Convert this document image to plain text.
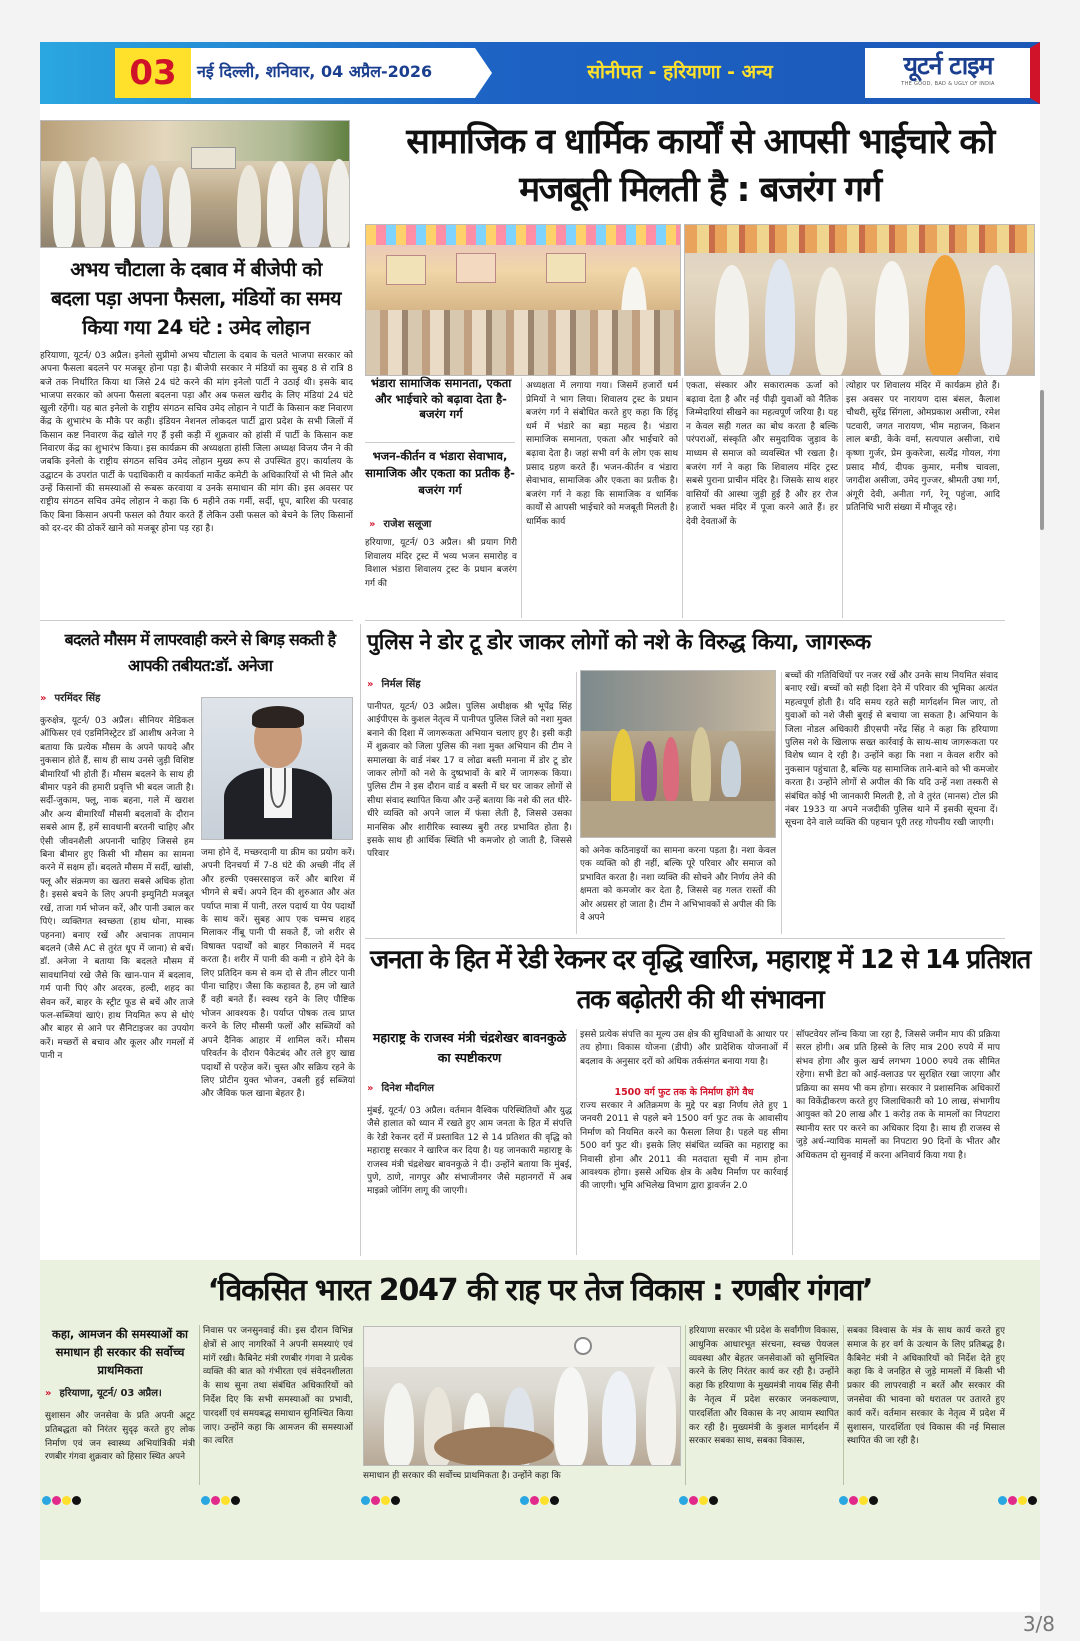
03	नई दिल्ली, शनिवार, 04 अप्रैल-2026	सोनीपत - हरियाणा - अन्य	यूटर्न टाइम
THE GOOD, BAD & UGLY OF INDIA
अभय चौटाला के दबाव में बीजेपी को बदला पड़ा अपना फैसला, मंडियों का समय किया गया 24 घंटे : उमेद लोहान
हरियाणा, यूटर्न/ 03 अप्रैल। इनेलो सुप्रीमो अभय चौटाला के दबाव के चलते भाजपा सरकार को अपना फैसला बदलने पर मजबूर होना पड़ा है। बीजेपी सरकार ने मंडियों का सुबह 8 से रात्रि 8 बजे तक निर्धारित किया था जिसे 24 घंटे करने की मांग इनेलो पार्टी ने उठाई थी। इसके बाद भाजपा सरकार को अपना फैसला बदलना पड़ा और अब फसल खरीद के लिए मंडियां 24 घंटे खुली रहेंगी। यह बात इनेलो के राष्ट्रीय संगठन सचिव उमेद लोहान ने पार्टी के किसान कष्ट निवारण केंद्र के शुभारंभ के मौके पर कही। इंडियन नेशनल लोकदल पार्टी द्वारा प्रदेश के सभी जिलों में किसान कष्ट निवारण केंद्र खोले गए हैं इसी कड़ी में शुक्रवार को हांसी में पार्टी के किसान कष्ट निवारण केंद्र का शुभारंभ किया। इस कार्यक्रम की अध्यक्षता हांसी जिला अध्यक्ष विजय जैन ने की जबकि इनेलो के राष्ट्रीय संगठन सचिव उमेद लोहान मुख्य रूप से उपस्थित हुए। कार्यालय के उद्घाटन के उपरांत पार्टी के पदाधिकारी व कार्यकर्ता मार्केट कमेटी के अधिकारियों से भी मिले और उन्हें किसानों की समस्याओं से रूबरू करवाया व उनके समाधान की मांग की। इस अवसर पर राष्ट्रीय संगठन सचिव उमेद लोहान ने कहा कि 6 महीने तक गर्मी, सर्दी, धूप, बारिश की परवाह किए बिना किसान अपनी फसल को तैयार करते हैं लेकिन उसी फसल को बेचने के लिए किसानों को दर-दर की ठोकरें खाने को मजबूर होना पड़ रहा है।
सामाजिक व धार्मिक कार्यों से आपसी भाईचारे को मजबूती मिलती है : बजरंग गर्ग
भंडारा सामाजिक समानता, एकता और भाईचारे को बढ़ावा देता है- बजरंग गर्ग
भजन-कीर्तन व भंडारा सेवाभाव, सामाजिक और एकता का प्रतीक है- बजरंग गर्ग
» राजेश सलूजा
हरियाणा, यूटर्न/ 03 अप्रैल। श्री प्रयाग गिरी शिवालय मंदिर ट्रस्ट में भव्य भजन समारोह व विशाल भंडारा शिवालय ट्रस्ट के प्रधान बजरंग गर्ग की
अध्यक्षता में लगाया गया। जिसमें हजारों धर्म प्रेमियों ने भाग लिया। शिवालय ट्रस्ट के प्रधान बजरंग गर्ग ने संबोधित करते हुए कहा कि हिंदू धर्म में भंडारे का बड़ा महत्व है। भंडारा सामाजिक समानता, एकता और भाईचारे को बढ़ावा देता है। जहां सभी वर्ग के लोग एक साथ प्रसाद ग्रहण करते हैं। भजन-कीर्तन व भंडारा सेवाभाव, सामाजिक और एकता का प्रतीक है। बजरंग गर्ग ने कहा कि सामाजिक व धार्मिक कार्यों से आपसी भाईचारे को मजबूती मिलती है। धार्मिक कार्य
एकता, संस्कार और सकारात्मक ऊर्जा को बढ़ावा देता है और नई पीढ़ी युवाओं को नैतिक जिम्मेदारियां सीखने का महत्वपूर्ण जरिया है। यह न केवल सही गलत का बोध करता है बल्कि परंपराओं, संस्कृति और समुदायिक जुड़ाव के माध्यम से समाज को व्यवस्थित भी रखता है। बजरंग गर्ग ने कहा कि शिवालय मंदिर ट्रस्ट सबसे पुराना प्राचीन मंदिर है। जिसके साथ शहर वासियों की आस्था जुड़ी हुई है और हर रोज हजारों भक्त मंदिर में पूजा करने आते हैं। हर देवी देवताओं के
त्योहार पर शिवालय मंदिर में कार्यक्रम होते हैं। इस अवसर पर नारायण दास बंसल, कैलाश चौधरी, सुरेंद्र सिंगला, ओमप्रकाश असीजा, रमेश पटवारी, जगत नारायण, भीम महाजन, किशन लाल बग्डी, केके वर्मा, सत्यपाल असीजा, राधे कृष्णा गुर्जर, प्रेम कुकरेजा, सत्येंद्र गोयल, गंगा प्रसाद मौर्य, दीपक कुमार, मनीष चावला, जगदीश असीजा, उमेद गुज्जर, श्रीमती उषा गर्ग, अंगूरी देवी, अनीता गर्ग, रेनू पहुंजा, आदि प्रतिनिधि भारी संख्या में मौजूद रहे।
बदलते मौसम में लापरवाही करने से बिगड़ सकती है आपकी तबीयत:डॉ. अनेजा
» परमिंदर सिंह
कुरुक्षेत्र, यूटर्न/ 03 अप्रैल। सीनियर मेडिकल ऑफिसर एवं एडमिनिस्ट्रेटर डॉ आशीष अनेजा ने बताया कि प्रत्येक मौसम के अपने फायदे और नुकसान होते हैं, साथ ही साथ उनसे जुड़ी विशिष्ट बीमारियाँ भी होती हैं। मौसम बदलने के साथ ही बीमार पड़ने की हमारी प्रवृत्ति भी बदल जाती है। सर्दी-जुकाम, फ्लू, नाक बहना, गले में खराश और अन्य बीमारियाँ मौसमी बदलावों के दौरान सबसे आम हैं, हमें सावधानी बरतनी चाहिए और ऐसी जीवनशैली अपनानी चाहिए जिससे हम बिना बीमार हुए किसी भी मौसम का सामना करने में सक्षम हों। बदलते मौसम में सर्दी, खांसी, फ्लू और संक्रमण का खतरा सबसे अधिक होता है। इससे बचने के लिए अपनी इम्युनिटी मजबूत रखें, ताजा गर्म भोजन करें, और पानी उबाल कर पिएं। व्यक्तिगत स्वच्छता (हाथ धोना, मास्क पहनना) बनाए रखें और अचानक तापमान बदलने (जैसे AC से तुरंत धूप में जाना) से बचें। डॉ. अनेजा ने बताया कि बदलते मौसम में सावधानियां रखे जैसे कि खान-पान में बदलाव, गर्म पानी पिएं और अदरक, हल्दी, शहद का सेवन करें, बाहर के स्ट्रीट फूड से बचें और ताजे फल-सब्जियां खाएं। हाथ नियमित रूप से धोएं और बाहर से आने पर सैनिटाइजर का उपयोग करें। मच्छरों से बचाव और कूलर और गमलों में पानी न
जमा होने दें, मच्छरदानी या क्रीम का प्रयोग करें। अपनी दिनचर्या में 7-8 घंटे की अच्छी नींद लें और हल्की एक्सरसाइज करें और बारिश में भीगने से बचें। अपने दिन की शुरुआत और अंत पर्याप्त मात्रा में पानी, तरल पदार्थ या पेय पदार्थों के साथ करें। सुबह आप एक चम्मच शहद मिलाकर नींबू पानी पी सकते हैं, जो शरीर से विषाक्त पदार्थों को बाहर निकालने में मदद करता है। शरीर में पानी की कमी न होने देने के लिए प्रतिदिन कम से कम दो से तीन लीटर पानी पीना चाहिए। जैसा कि कहावत है, हम जो खाते हैं वही बनते हैं। स्वस्थ रहने के लिए पौष्टिक भोजन आवश्यक है। पर्याप्त पोषक तत्व प्राप्त करने के लिए मौसमी फलों और सब्जियों को अपने दैनिक आहार में शामिल करें। मौसम परिवर्तन के दौरान पैकेटबंद और तले हुए खाद्य पदार्थों से परहेज करें। चुस्त और सक्रिय रहने के लिए प्रोटीन युक्त भोजन, उबली हुई सब्जियां और जैविक फल खाना बेहतर है।
पुलिस ने डोर टू डोर जाकर लोगों को नशे के विरुद्ध किया, जागरूक
» निर्मल सिंह
पानीपत, यूटर्न/ 03 अप्रैल। पुलिस अधीक्षक श्री भूपेंद्र सिंह आईपीएस के कुशल नेतृत्व में पानीपत पुलिस जिले को नशा मुक्त बनाने की दिशा में जागरूकता अभियान चलाए हुए है। इसी कड़ी में शुक्रवार को जिला पुलिस की नशा मुक्त अभियान की टीम ने समालखा के वार्ड नंबर 17 व लोढा बस्ती मनाना में डोर टू डोर जाकर लोगों को नशे के दुष्प्रभावों के बारे में जागरूक किया। पुलिस टीम ने इस दौरान वार्ड व बस्ती में घर घर जाकर लोगों से सीधा संवाद स्थापित किया और उन्हें बताया कि नशे की लत धीरे-धीरे व्यक्ति को अपने जाल में फंसा लेती है, जिससे उसका मानसिक और शारीरिक स्वास्थ्य बुरी तरह प्रभावित होता है। इसके साथ ही आर्थिक स्थिति भी कमजोर हो जाती है, जिससे परिवार	को अनेक कठिनाइयों का सामना करना पड़ता है। नशा केवल एक व्यक्ति को ही नहीं, बल्कि पूरे परिवार और समाज को प्रभावित करता है। नशा व्यक्ति की सोचने और निर्णय लेने की क्षमता को कमजोर कर देता है, जिससे वह गलत रास्तों की ओर अग्रसर हो जाता है। टीम ने अभिभावकों से अपील की कि वे अपने
बच्चों की गतिविधियों पर नजर रखें और उनके साथ नियमित संवाद बनाए रखें। बच्चों को सही दिशा देने में परिवार की भूमिका अत्यंत महत्वपूर्ण होती है। यदि समय रहते सही मार्गदर्शन मिल जाए, तो युवाओं को नशे जैसी बुराई से बचाया जा सकता है। अभियान के जिला नोडल अधिकारी डीएसपी नरेंद्र सिंह ने कहा कि हरियाणा पुलिस नशे के खिलाफ सख्त कार्रवाई के साथ-साथ जागरूकता पर विशेष ध्यान दे रही है। उन्होंने कहा कि नशा न केवल शरीर को नुकसान पहुंचाता है, बल्कि यह सामाजिक ताने-बाने को भी कमजोर करता है। उन्होंने लोगों से अपील की कि यदि उन्हें नशा तस्करी से संबंधित कोई भी जानकारी मिलती है, तो वे तुरंत (मानस) टोल फ्री नंबर 1933 या अपने नजदीकी पुलिस थाने में इसकी सूचना दें। सूचना देने वाले व्यक्ति की पहचान पूरी तरह गोपनीय रखी जाएगी।
जनता के हित में रेडी रेकनर दर वृद्धि खारिज, महाराष्ट्र में 12 से 14 प्रतिशत तक बढ़ोतरी की थी संभावना
महाराष्ट्र के राजस्व मंत्री चंद्रशेखर बावनकुळे का स्पष्टीकरण
» दिनेश मौदगिल
मुंबई, यूटर्न/ 03 अप्रैल। वर्तमान वैश्विक परिस्थितियों और युद्ध जैसे हालात को ध्यान में रखते हुए आम जनता के हित में संपत्ति के रेडी रेकनर दरों में प्रस्तावित 12 से 14 प्रतिशत की वृद्धि को महाराष्ट्र सरकार ने खारिज कर दिया है। यह जानकारी महाराष्ट्र के राजस्व मंत्री चंद्रशेखर बावनकुळे ने दी। उन्होंने बताया कि मुंबई, पुणे, ठाणे, नागपुर और संभाजीनगर जैसे महानगरों में अब माइक्रो जोनिंग लागू की जाएगी।
इससे प्रत्येक संपत्ति का मूल्य उस क्षेत्र की सुविधाओं के आधार पर तय होगा। विकास योजना (डीपी) और प्रादेशिक योजनाओं में बदलाव के अनुसार दरों को अधिक तर्कसंगत बनाया गया है।
1500 वर्ग फुट तक के निर्माण होंगे वैध
राज्य सरकार ने अतिक्रमण के मुद्दे पर बड़ा निर्णय लेते हुए 1 जनवरी 2011 से पहले बने 1500 वर्ग फुट तक के आवासीय निर्माण को नियमित करने का फैसला लिया है। पहले यह सीमा 500 वर्ग फुट थी। इसके लिए संबंधित व्यक्ति का महाराष्ट्र का निवासी होना और 2011 की मतदाता सूची में नाम होना आवश्यक होगा। इससे अधिक क्षेत्र के अवैध निर्माण पर कार्रवाई की जाएगी। भूमि अभिलेख विभाग द्वारा ड्रावर्जन 2.0
सॉफ्टवेयर लॉन्च किया जा रहा है, जिससे जमीन माप की प्रक्रिया सरल होगी। अब प्रति हिस्से के लिए मात्र 200 रुपये में माप संभव होगा और कुल खर्च लगभग 1000 रुपये तक सीमित रहेगा। सभी डेटा को आई-क्लाउड पर सुरक्षित रखा जाएगा और प्रक्रिया का समय भी कम होगा। सरकार ने प्रशासनिक अधिकारों का विकेंद्रीकरण करते हुए जिलाधिकारी को 10 लाख, संभागीय आयुक्त को 20 लाख और 1 करोड़ तक के मामलों का निपटारा स्थानीय स्तर पर करने का अधिकार दिया है। साथ ही राजस्व से जुड़े अर्ध-न्यायिक मामलों का निपटारा 90 दिनों के भीतर और अधिकतम दो सुनवाई में करना अनिवार्य किया गया है।
‘विकसित भारत 2047 की राह पर तेज विकास : रणबीर गंगवा’
कहा, आमजन की समस्याओं का समाधान ही सरकार की सर्वोच्च प्राथमिकता
» हरियाणा, यूटर्न/ 03 अप्रैल।
सुशासन और जनसेवा के प्रति अपनी अटूट प्रतिबद्धता को निरंतर सुदृढ़ करते हुए लोक निर्माण एवं जन स्वास्थ्य अभियांत्रिकी मंत्री रणबीर गंगवा शुक्रवार को हिसार स्थित अपने
निवास पर जनसुनवाई की। इस दौरान विभिन्न क्षेत्रों से आए नागरिकों ने अपनी समस्याएं एवं मांगें रखी। कैबिनेट मंत्री रणबीर गंगवा ने प्रत्येक व्यक्ति की बात को गंभीरता एवं संवेदनशीलता के साथ सुना तथा संबंधित अधिकारियों को निर्देश दिए कि सभी समस्याओं का प्रभावी, पारदर्शी एवं समयबद्ध समाधान सुनिश्चित किया जाए। उन्होंने कहा कि आमजन की समस्याओं का त्वरित
समाधान ही सरकार की सर्वोच्च प्राथमिकता है। उन्होंने कहा कि
हरियाणा सरकार भी प्रदेश के सर्वांगीण विकास, आधुनिक आधारभूत संरचना, स्वच्छ पेयजल व्यवस्था और बेहतर जनसेवाओं को सुनिश्चित करने के लिए निरंतर कार्य कर रही है। उन्होंने कहा कि हरियाणा के मुख्यमंत्री नायब सिंह सैनी के नेतृत्व में प्रदेश सरकार जनकल्याण, पारदर्शिता और विकास के नए आयाम स्थापित कर रही है। मुख्यमंत्री के कुशल मार्गदर्शन में सरकार सबका साथ, सबका विकास,
सबका विश्वास के मंत्र के साथ कार्य करते हुए समाज के हर वर्ग के उत्थान के लिए प्रतिबद्ध है। कैबिनेट मंत्री ने अधिकारियों को निर्देश देते हुए कहा कि वे जनहित से जुड़े मामलों में किसी भी प्रकार की लापरवाही न बरतें और सरकार की जनसेवा की भावना को धरातल पर उतारते हुए कार्य करें। वर्तमान सरकार के नेतृत्व में प्रदेश में सुशासन, पारदर्शिता एवं विकास की नई मिसाल स्थापित की जा रही है।
3/8
